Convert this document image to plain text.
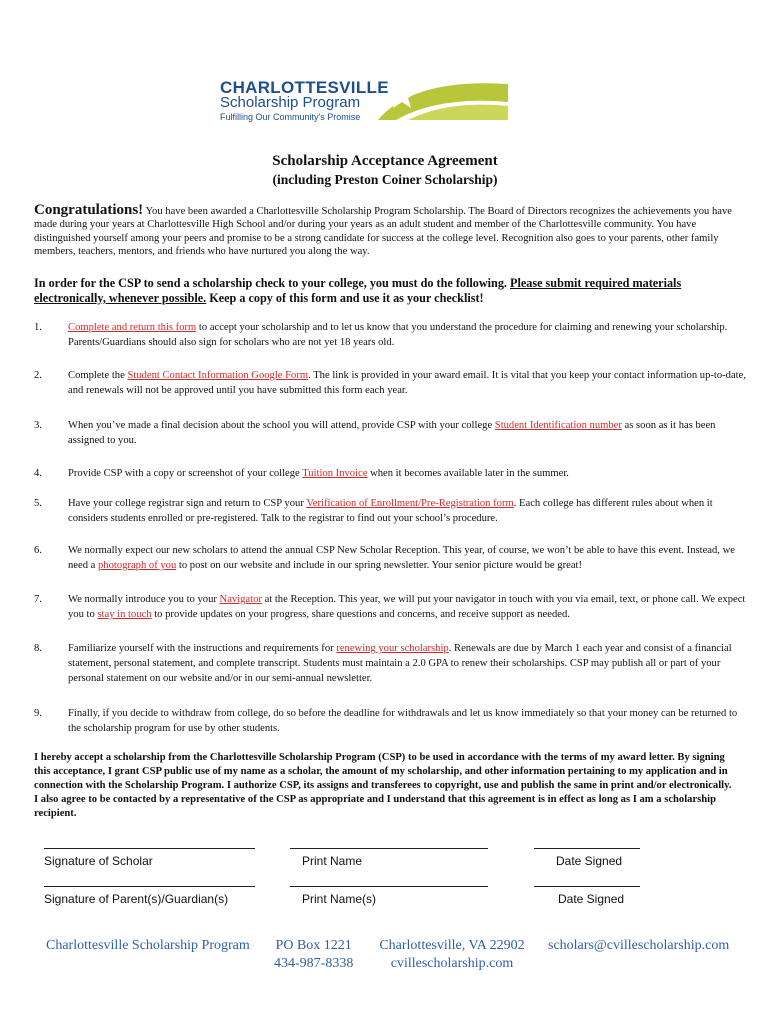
CHARLOTTESVILLE
Scholarship Program
Fulfilling Our Community's Promise
Scholarship Acceptance Agreement
(including Preston Coiner Scholarship)
Congratulations! You have been awarded a Charlottesville Scholarship Program Scholarship. The Board of Directors recognizes the achievements you have made during your years at Charlottesville High School and/or during your years as an adult student and member of the Charlottesville community. You have distinguished yourself among your peers and promise to be a strong candidate for success at the college level. Recognition also goes to your parents, other family members, teachers, mentors, and friends who have nurtured you along the way.
In order for the CSP to send a scholarship check to your college, you must do the following. Please submit required materials electronically, whenever possible. Keep a copy of this form and use it as your checklist!
1.	Complete and return this form to accept your scholarship and to let us know that you understand the procedure for claiming and renewing your scholarship. Parents/Guardians should also sign for scholars who are not yet 18 years old.
2.	Complete the Student Contact Information Google Form. The link is provided in your award email. It is vital that you keep your contact information up-to-date, and renewals will not be approved until you have submitted this form each year.
3.	When you’ve made a final decision about the school you will attend, provide CSP with your college Student Identification number as soon as it has been assigned to you.
4.	Provide CSP with a copy or screenshot of your college Tuition Invoice when it becomes available later in the summer.
5.	Have your college registrar sign and return to CSP your Verification of Enrollment/Pre-Registration form. Each college has different rules about when it considers students enrolled or pre-registered. Talk to the registrar to find out your school’s procedure.
6.	We normally expect our new scholars to attend the annual CSP New Scholar Reception. This year, of course, we won’t be able to have this event. Instead, we need a photograph of you to post on our website and include in our spring newsletter. Your senior picture would be great!
7.	We normally introduce you to your Navigator at the Reception. This year, we will put your navigator in touch with you via email, text, or phone call. We expect you to stay in touch to provide updates on your progress, share questions and concerns, and receive support as needed.
8.	Familiarize yourself with the instructions and requirements for renewing your scholarship. Renewals are due by March 1 each year and consist of a financial statement, personal statement, and complete transcript. Students must maintain a 2.0 GPA to renew their scholarships. CSP may publish all or part of your personal statement on our website and/or in our semi-annual newsletter.
9.	Finally, if you decide to withdraw from college, do so before the deadline for withdrawals and let us know immediately so that your money can be returned to the scholarship program for use by other students.
I hereby accept a scholarship from the Charlottesville Scholarship Program (CSP) to be used in accordance with the terms of my award letter. By signing this acceptance, I grant CSP public use of my name as a scholar, the amount of my scholarship, and other information pertaining to my application and in connection with the Scholarship Program. I authorize CSP, its assigns and transferees to copyright, use and publish the same in print and/or electronically. I also agree to be contacted by a representative of the CSP as appropriate and I understand that this agreement is in effect as long as I am a scholarship recipient.
Signature of Scholar	Print Name	Date Signed
Signature of Parent(s)/Guardian(s)	Print Name(s)	Date Signed
Charlottesville Scholarship Program PO Box 1221
434-987-8338
Charlottesville, VA 22902
cvillescholarship.com
scholars@cvillescholarship.com
